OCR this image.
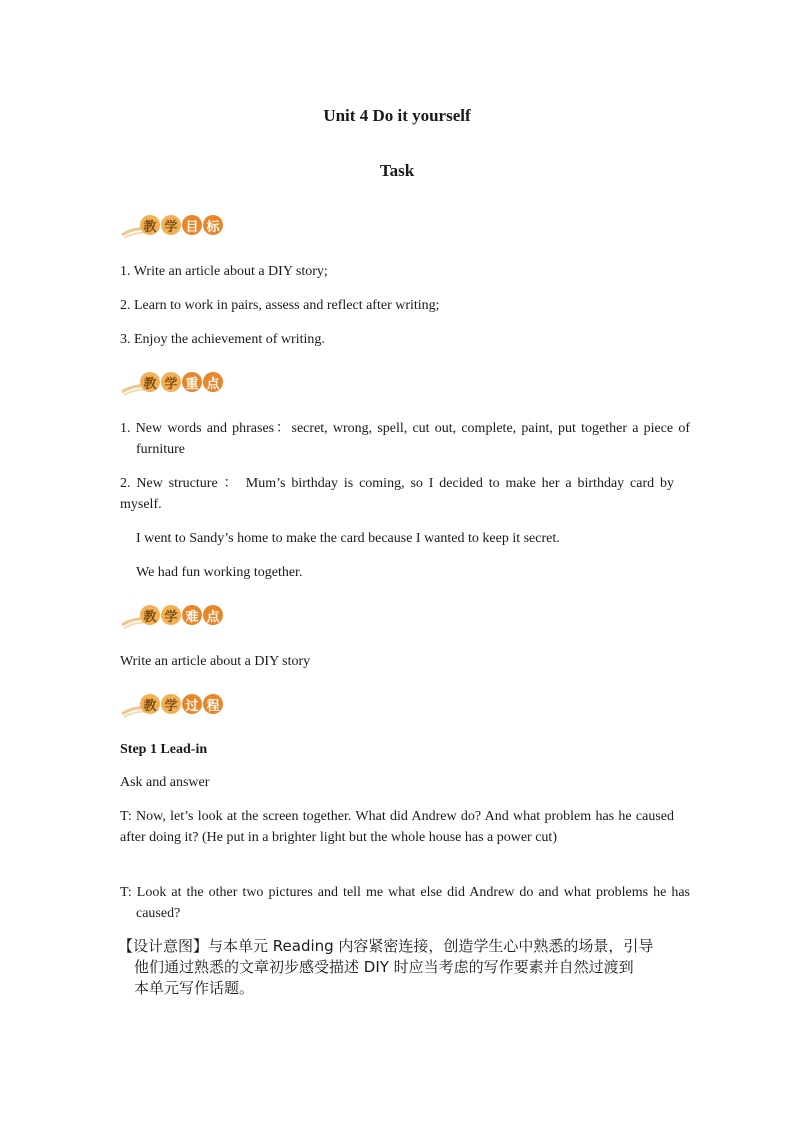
Unit 4 Do it yourself
Task
教 学 目 标
1. Write an article about a DIY story;
2. Learn to work in pairs, assess and reflect after writing;
3. Enjoy the achievement of writing.
教 学 重 点
1. New words and phrases：secret, wrong, spell, cut out, complete, paint, put together a piece of furniture
2. New structure ： Mum’s birthday is coming, so I decided to make her a birthday card by myself.
I went to Sandy’s home to make the card because I wanted to keep it secret.
We had fun working together.
教 学 难 点
Write an article about a DIY story
教 学 过 程
Step 1 Lead-in
Ask and answer
T: Now, let’s look at the screen together. What did Andrew do? And what problem has he caused after doing it? (He put in a brighter light but the whole house has a power cut)
T: Look at the other two pictures and tell me what else did Andrew do and what problems he has caused?
【设计意图】与本单元 Reading 内容紧密连接，创造学生心中熟悉的场景，引导
他们通过熟悉的文章初步感受描述 DIY 时应当考虑的写作要素并自然过渡到
本单元写作话题。
